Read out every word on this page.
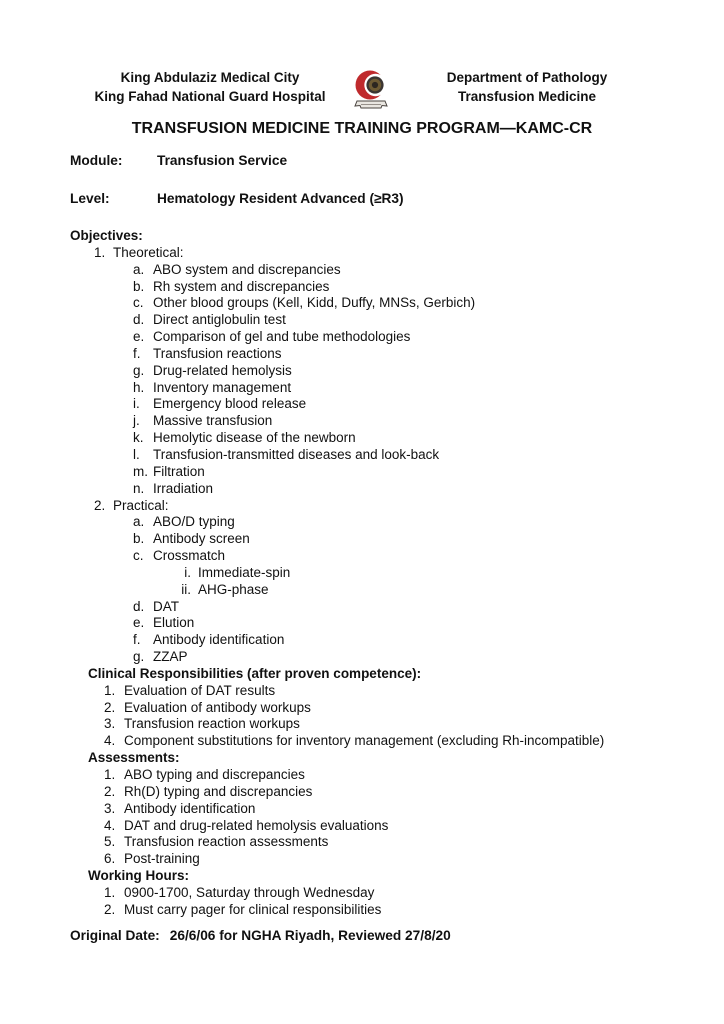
King Abdulaziz Medical City
King Fahad National Guard Hospital
Department of Pathology
Transfusion Medicine
TRANSFUSION MEDICINE TRAINING PROGRAM—KAMC-CR
Module:	Transfusion Service
Level:	Hematology Resident Advanced (≥R3)
Objectives:
1. Theoretical:
a. ABO system and discrepancies
b. Rh system and discrepancies
c. Other blood groups (Kell, Kidd, Duffy, MNSs, Gerbich)
d. Direct antiglobulin test
e. Comparison of gel and tube methodologies
f. Transfusion reactions
g. Drug-related hemolysis
h. Inventory management
i. Emergency blood release
j. Massive transfusion
k. Hemolytic disease of the newborn
l. Transfusion-transmitted diseases and look-back
m. Filtration
n. Irradiation
2. Practical:
a. ABO/D typing
b. Antibody screen
c. Crossmatch
i. Immediate-spin
ii. AHG-phase
d. DAT
e. Elution
f. Antibody identification
g. ZZAP
Clinical Responsibilities (after proven competence):
1. Evaluation of DAT results
2. Evaluation of antibody workups
3. Transfusion reaction workups
4. Component substitutions for inventory management (excluding Rh-incompatible)
Assessments:
1. ABO typing and discrepancies
2. Rh(D) typing and discrepancies
3. Antibody identification
4. DAT and drug-related hemolysis evaluations
5. Transfusion reaction assessments
6. Post-training
Working Hours:
1. 0900-1700, Saturday through Wednesday
2. Must carry pager for clinical responsibilities
Original Date: 26/6/06 for NGHA Riyadh, Reviewed 27/8/20
